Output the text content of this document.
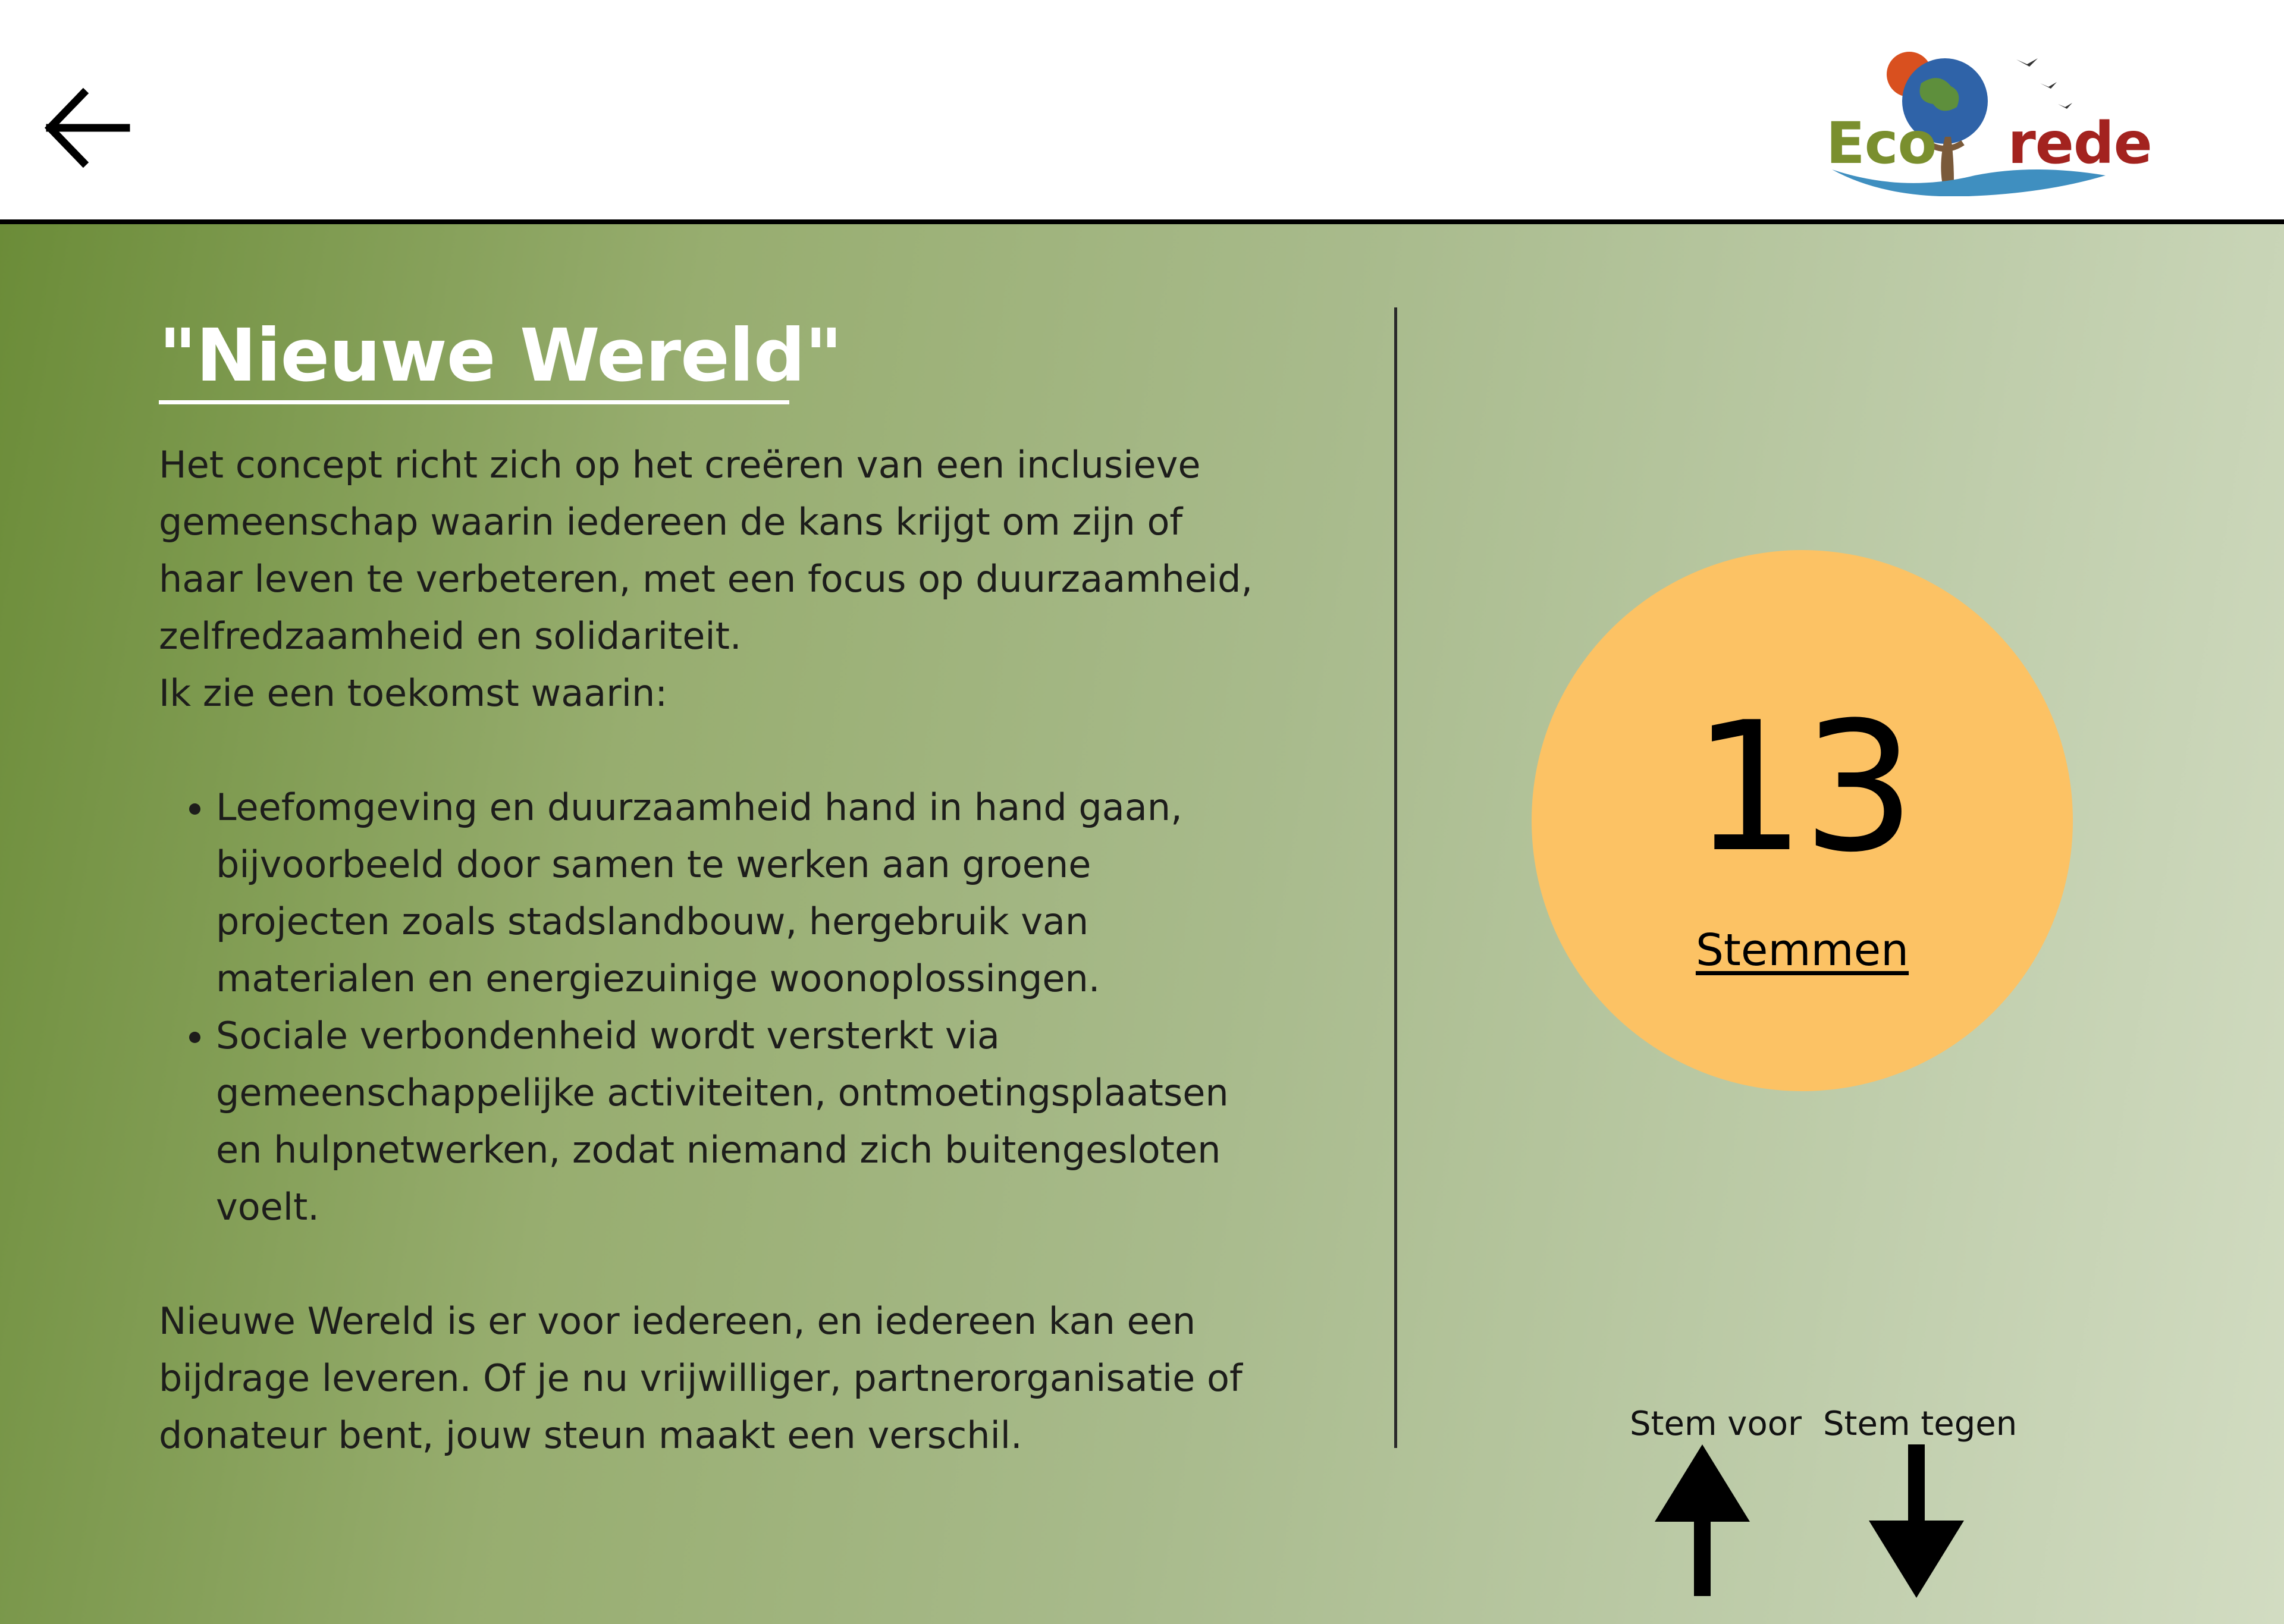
Eco rede
"Nieuwe Wereld"

Het concept richt zich op het creëren van een inclusieve

gemeenschap waarin iedereen de kans krijgt om zijn of

haar leven te verbeteren, met een focus op duurzaamheid,

zelfredzaamheid en solidariteit.

Ik zie een toekomst waarin:

• Leefomgeving en duurzaamheid hand in hand gaan,
bijvoorbeeld door samen te werken aan groene
projecten zoals stadslandbouw, hergebruik van
materialen en energiezuinige woonoplossingen.
• Sociale verbondenheid wordt versterkt via
gemeenschappelijke activiteiten, ontmoetingsplaatsen
en hulpnetwerken, zodat niemand zich buitengesloten
voelt.

Nieuwe Wereld is er voor iedereen, en iedereen kan een

bijdrage leveren. Of je nu vrijwilliger, partnerorganisatie of

donateur bent, jouw steun maakt een verschil.

13
Stemmen
Stem voor Stem tegen
